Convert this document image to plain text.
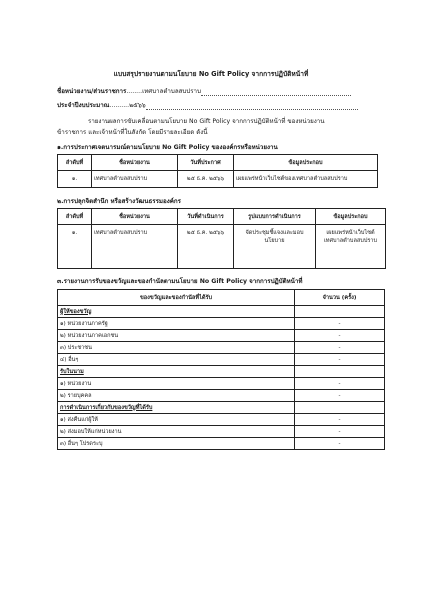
แบบสรุปรายงานตามนโยบาย No Gift Policy จากการปฏิบัติหน้าที่
ชื่อหน่วยงาน/ส่วนราชการ........เทศบาลตำบลสบปราบ
ประจำปีงบประมาณ..........๒๕๖๖
รายงานผลการขับเคลื่อนตามนโยบาย No Gift Policy จากการปฏิบัติหน้าที่ ของหน่วยงาน
ข้าราชการ และเจ้าหน้าที่ในสังกัด โดยมีรายละเอียด ดังนี้
๑.การประกาศเจตนารมณ์ตามนโยบาย No Gift Policy ขององค์กรหรือหน่วยงาน
ลำดับที่	ชื่อหน่วยงาน	วันที่ประกาศ	ข้อมูลประกอบ
๑.	เทศบาลตำบลสบปราบ	๒๕ ธ.ค. ๒๕๖๖	เผยแพร่หน้าเว็บไซต์ของเทศบาลตำบลสบปราบ
๒.การปลุกจิตสำนึก หรือสร้างวัฒนธรรมองค์กร
ลำดับที่	ชื่อหน่วยงาน	วันที่ดำเนินการ	รูปแบบการดำเนินการ	ข้อมูลประกอบ
๑.	เทศบาลตำบลสบปราบ	๒๕ ธ.ค. ๒๕๖๖	จัดประชุมชี้แจงและมอบนโยบาย	เผยแพร่หน้าเว็บไซต์เทศบาลตำบลสบปราบ
๓.รายงานการรับของขวัญและของกำนัลตามนโยบาย No Gift Policy จากการปฏิบัติหน้าที่
ของขวัญและของกำนัลที่ได้รับ	จำนวน (ครั้ง)
ผู้ให้ของขวัญ	
๑) หน่วยงานภาครัฐ	-
๒) หน่วยงานภาคเอกชน	-
๓) ประชาชน	-
๔) อื่นๆ	-
รับในนาม	
๑) หน่วยงาน	-
๒) รายบุคคล	-
การดำเนินการเกี่ยวกับของขวัญที่ได้รับ	
๑) ส่งคืนแก่ผู้ให้	-
๒) ส่งมอบให้แก่หน่วยงาน	-
๓) อื่นๆ โปรดระบุ	-
